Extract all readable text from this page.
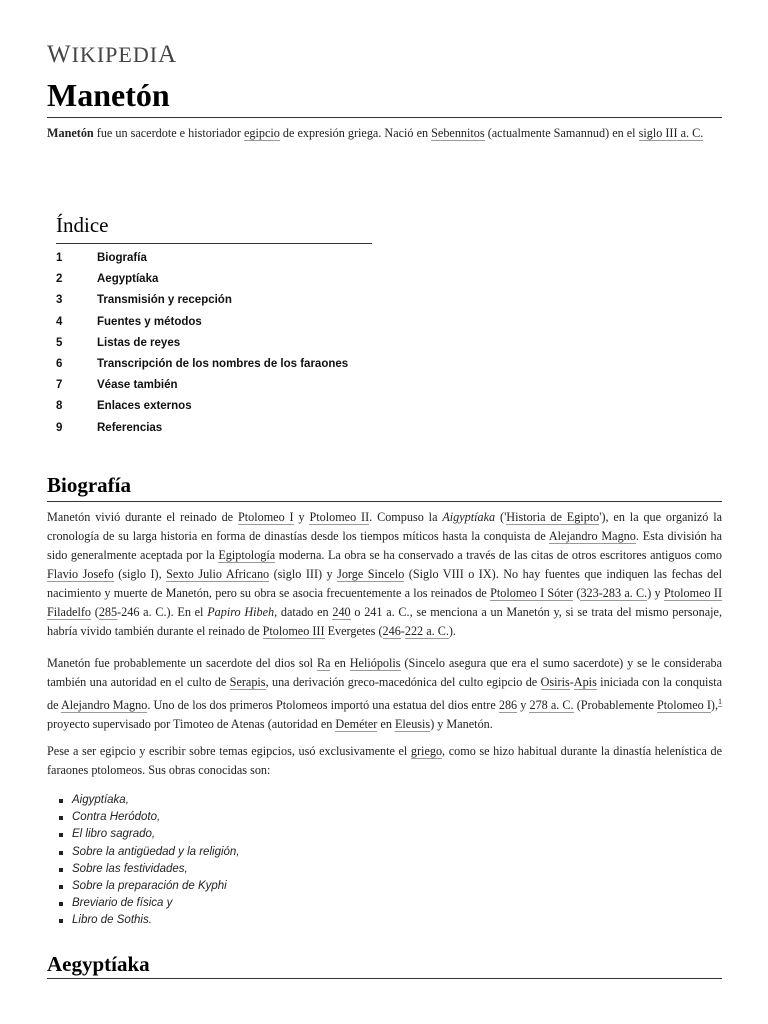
WIKIPEDIA
Manetón

Manetón fue un sacerdote e historiador egipcio de expresión griega. Nació en Sebennitos (actualmente Samannud) en el siglo III a. C.

Índice
1	Biografía
2	Aegyptíaka
3	Transmisión y recepción
4	Fuentes y métodos
5	Listas de reyes
6	Transcripción de los nombres de los faraones
7	Véase también
8	Enlaces externos
9	Referencias
Biografía

Manetón vivió durante el reinado de Ptolomeo I y Ptolomeo II. Compuso la Aigyptíaka ('Historia de Egipto'), en la que organizó la cronología de su larga historia en forma de dinastías desde los tiempos míticos hasta la conquista de Alejandro Magno. Esta división ha sido generalmente aceptada por la Egiptología moderna. La obra se ha conservado a través de las citas de otros escritores antiguos como Flavio Josefo (siglo I), Sexto Julio Africano (siglo III) y Jorge Sincelo (Siglo VIII o IX). No hay fuentes que indiquen las fechas del nacimiento y muerte de Manetón, pero su obra se asocia frecuentemente a los reinados de Ptolomeo I Sóter (323-283 a. C.) y Ptolomeo II Filadelfo (285-246 a. C.). En el Papiro Hibeh, datado en 240 o 241 a. C., se menciona a un Manetón y, si se trata del mismo personaje, habría vivido también durante el reinado de Ptolomeo III Evergetes (246-222 a. C.).

Manetón fue probablemente un sacerdote del dios sol Ra en Heliópolis (Sincelo asegura que era el sumo sacerdote) y se le consideraba también una autoridad en el culto de Serapis, una derivación greco-macedónica del culto egipcio de Osiris-Apis iniciada con la conquista de Alejandro Magno. Uno de los dos primeros Ptolomeos importó una estatua del dios entre 286 y 278 a. C. (Probablemente Ptolomeo I),$^1$ proyecto supervisado por Timoteo de Atenas (autoridad en Deméter en Eleusis) y Manetón.

Pese a ser egipcio y escribir sobre temas egipcios, usó exclusivamente el griego, como se hizo habitual durante la dinastía helenística de faraones ptolomeos. Sus obras conocidas son:

Aigyptíaka,
Contra Heródoto,
El libro sagrado,
Sobre la antigüedad y la religión,
Sobre las festividades,
Sobre la preparación de Kyphi
Breviario de física y
Libro de Sothis.
Aegyptíaka
